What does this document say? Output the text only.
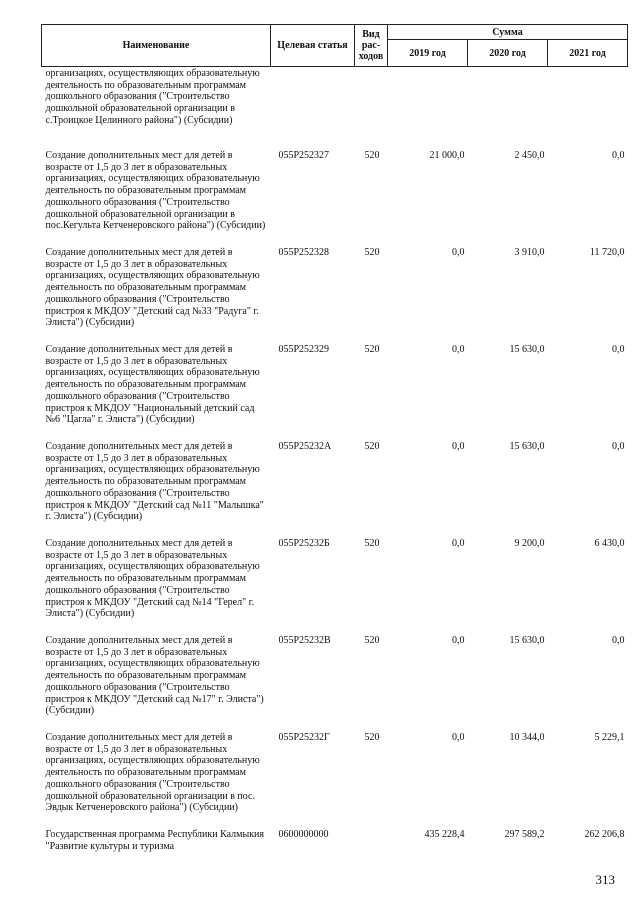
Наименование	Целевая статья	Вид рас-ходов	Сумма		
			2019 год	2020 год	2021 год
организациях, осуществляющих образовательную деятельность по образовательным программам дошкольного образования ("Строительство дошкольной образовательной организации в с.Троицкое Целинного района") (Субсидии)					
Создание дополнительных мест для детей в возрасте от 1,5 до 3 лет в образовательных организациях, осуществляющих образовательную деятельность по образовательным программам дошкольного образования ("Строительство дошкольной образовательной организации в пос.Кегульта Кетченеровского района") (Субсидии)	055P252327	520	21 000,0	2 450,0	0,0
Создание дополнительных мест для детей в возрасте от 1,5 до 3 лет в образовательных организациях, осуществляющих образовательную деятельность по образовательным программам дошкольного образования ("Строительство пристроя к МКДОУ "Детский сад №33 "Радуга" г. Элиста") (Субсидии)	055P252328	520	0,0	3 910,0	11 720,0
Создание дополнительных мест для детей в возрасте от 1,5 до 3 лет в образовательных организациях, осуществляющих образовательную деятельность по образовательным программам дошкольного образования ("Строительство пристроя к МКДОУ "Национальный детский сад №6 "Цагла" г. Элиста") (Субсидии)	055P252329	520	0,0	15 630,0	0,0
Создание дополнительных мест для детей в возрасте от 1,5 до 3 лет в образовательных организациях, осуществляющих образовательную деятельность по образовательным программам дошкольного образования ("Строительство пристроя к МКДОУ "Детский сад №11 "Малышка" г. Элиста") (Субсидии)	055P25232A	520	0,0	15 630,0	0,0
Создание дополнительных мест для детей в возрасте от 1,5 до 3 лет в образовательных организациях, осуществляющих образовательную деятельность по образовательным программам дошкольного образования ("Строительство пристроя к МКДОУ "Детский сад №14 "Герел" г. Элиста") (Субсидии)	055P25232Б	520	0,0	9 200,0	6 430,0
Создание дополнительных мест для детей в возрасте от 1,5 до 3 лет в образовательных организациях, осуществляющих образовательную деятельность по образовательным программам дошкольного образования ("Строительство пристроя к МКДОУ "Детский сад №17" г. Элиста") (Субсидии)	055P25232В	520	0,0	15 630,0	0,0
Создание дополнительных мест для детей в возрасте от 1,5 до 3 лет в образовательных организациях, осуществляющих образовательную деятельность по образовательным программам дошкольного образования ("Строительство дошкольной образовательной организации в пос. Эвдык Кетченеровского района") (Субсидии)	055P25232Г	520	0,0	10 344,0	5 229,1
Государственная программа Республики Калмыкия "Развитие культуры и туризма	0600000000		435 228,4	297 589,2	262 206,8
313
